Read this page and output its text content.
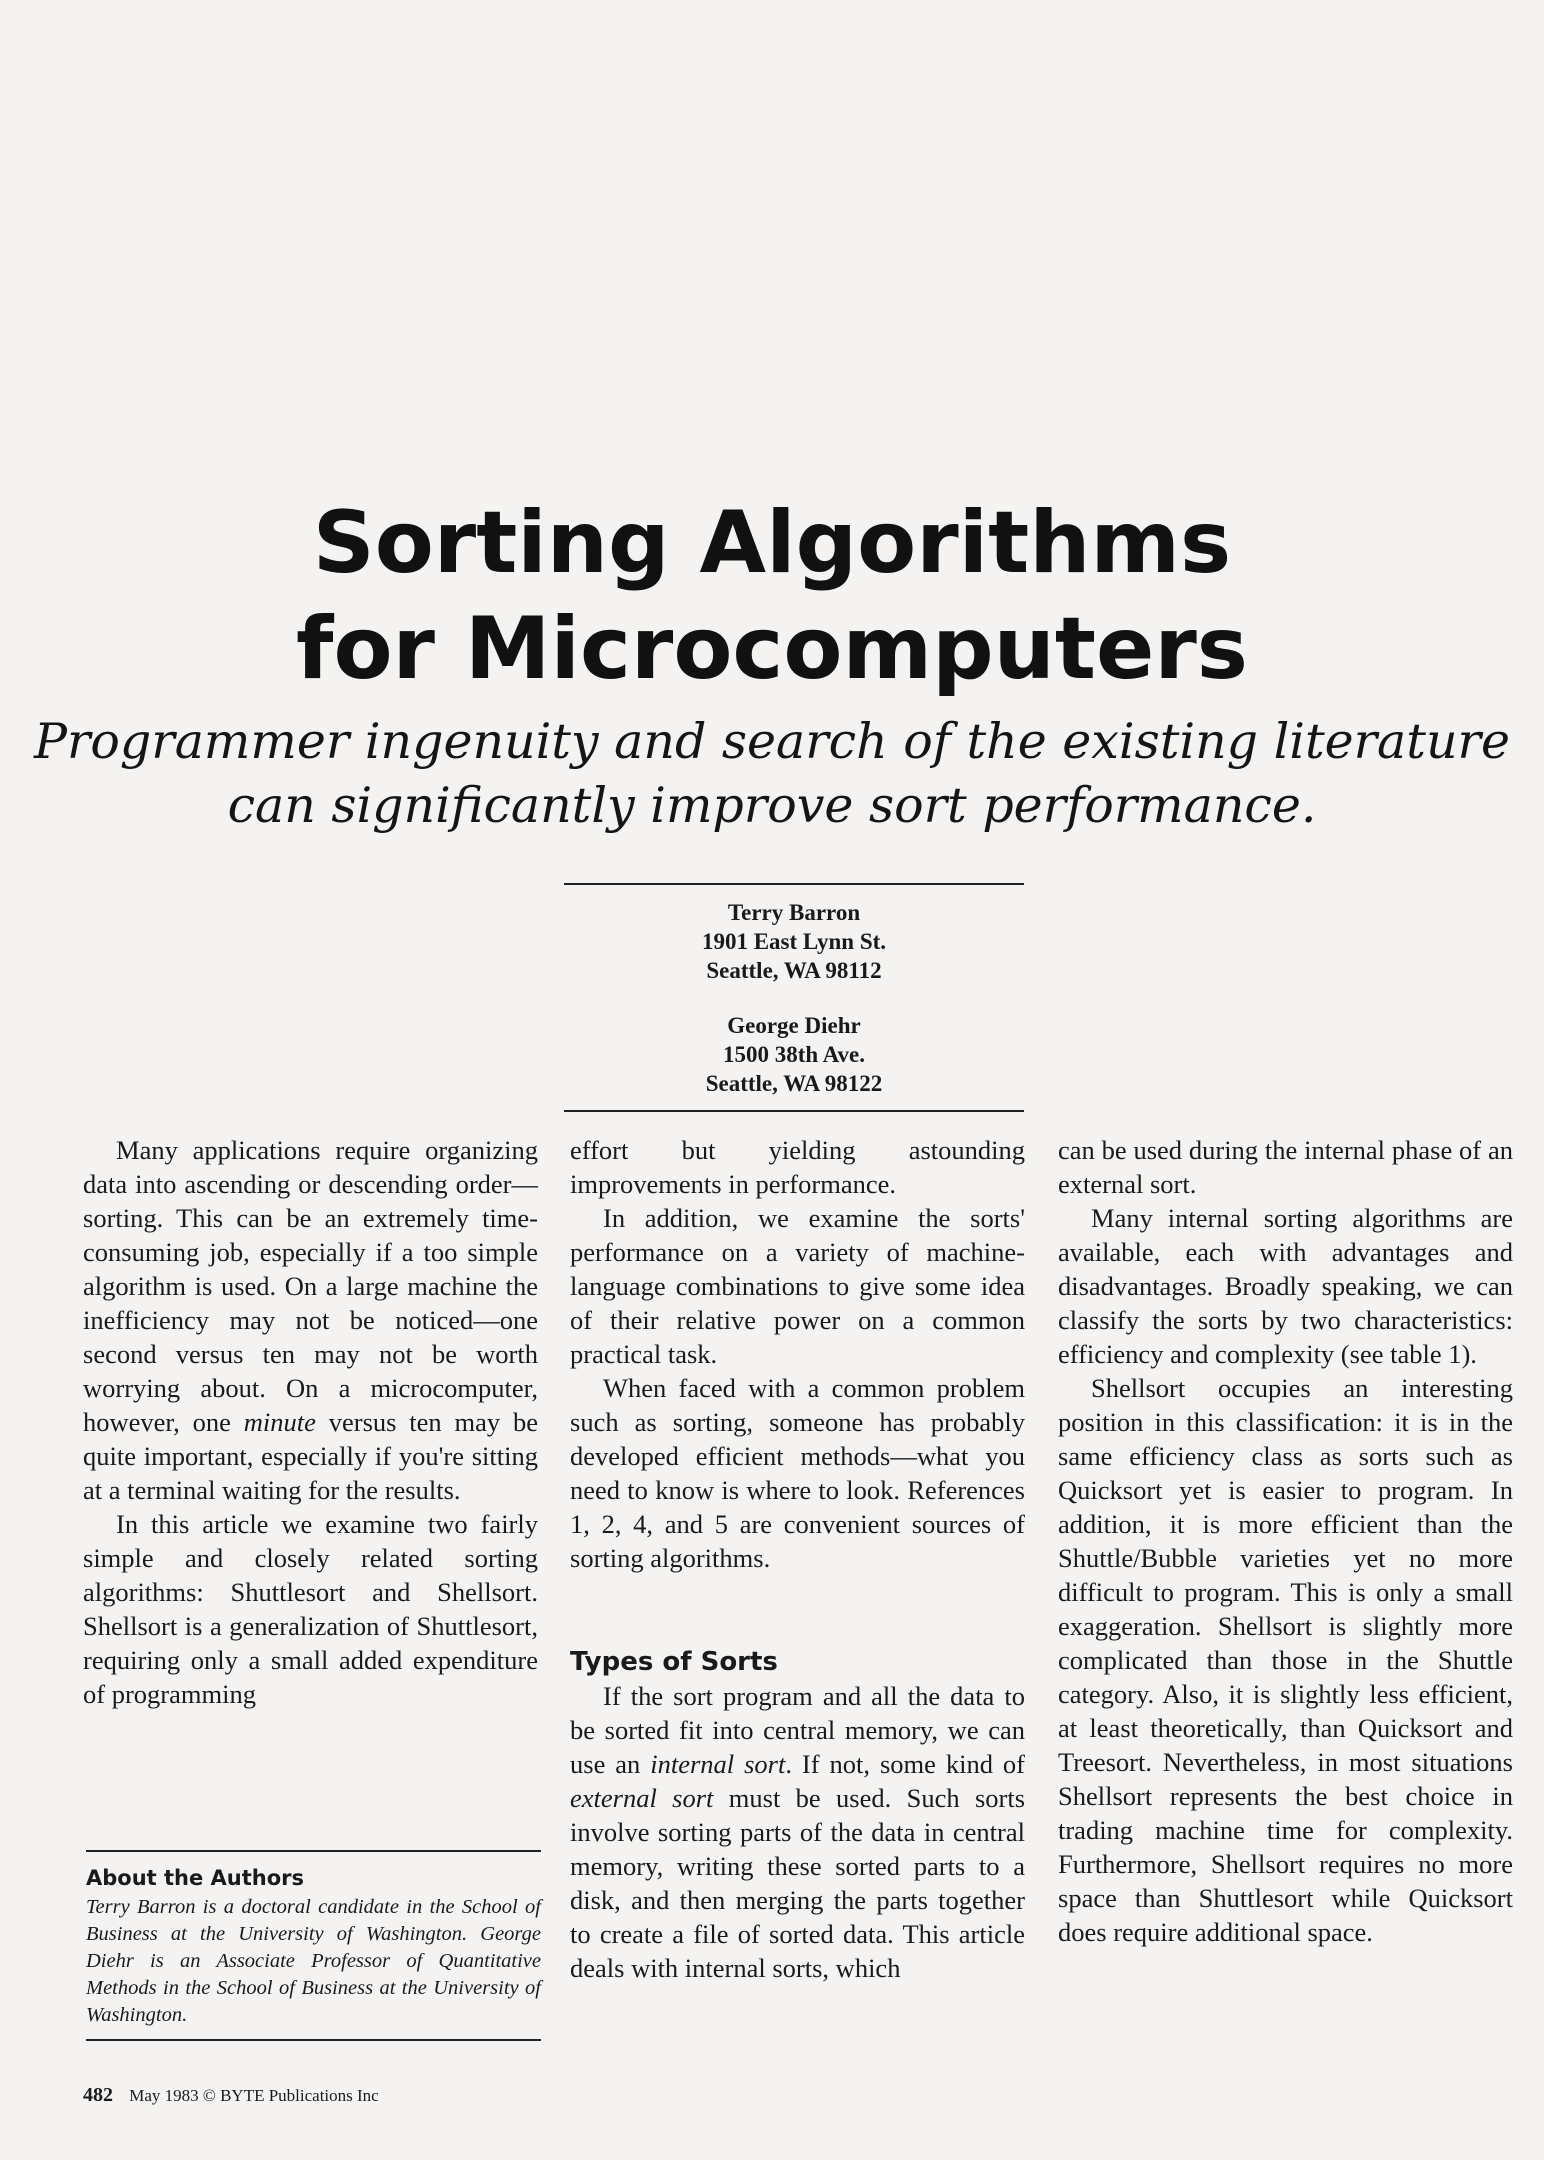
Sorting Algorithms
for Microcomputers
Programmer ingenuity and search of the existing literature
can significantly improve sort performance.
Terry Barron
1901 East Lynn St.
Seattle, WA 98112
George Diehr
1500 38th Ave.
Seattle, WA 98122

Many applications require organizing data into ascending or descending order—sorting. This can be an extremely time-consuming job, especially if a too simple algorithm is used. On a large machine the inefficiency may not be noticed—one second versus ten may not be worth worrying about. On a microcomputer, however, one minute versus ten may be quite important, especially if you're sitting at a terminal waiting for the results.

In this article we examine two fairly simple and closely related sorting algorithms: Shuttlesort and Shellsort. Shellsort is a generalization of Shuttlesort, requiring only a small added expenditure of programming

effort but yielding astounding improvements in performance.

In addition, we examine the sorts' performance on a variety of machine-language combinations to give some idea of their relative power on a common practical task.

When faced with a common problem such as sorting, someone has probably developed efficient methods—what you need to know is where to look. References 1, 2, 4, and 5 are convenient sources of sorting algorithms.

Types of Sorts

If the sort program and all the data to be sorted fit into central memory, we can use an internal sort. If not, some kind of external sort must be used. Such sorts involve sorting parts of the data in central memory, writing these sorted parts to a disk, and then merging the parts together to create a file of sorted data. This article deals with internal sorts, which

can be used during the internal phase of an external sort.

Many internal sorting algorithms are available, each with advantages and disadvantages. Broadly speaking, we can classify the sorts by two characteristics: efficiency and complexity (see table 1).

Shellsort occupies an interesting position in this classification: it is in the same efficiency class as sorts such as Quicksort yet is easier to program. In addition, it is more efficient than the Shuttle/Bubble varieties yet no more difficult to program. This is only a small exaggeration. Shellsort is slightly more complicated than those in the Shuttle category. Also, it is slightly less efficient, at least theoretically, than Quicksort and Treesort. Nevertheless, in most situations Shellsort represents the best choice in trading machine time for complexity. Furthermore, Shellsort requires no more space than Shuttlesort while Quicksort does require additional space.

About the Authors

Terry Barron is a doctoral candidate in the School of Business at the University of Washington. George Diehr is an Associate Professor of Quantitative Methods in the School of Business at the University of Washington.

482 May 1983 © BYTE Publications Inc
